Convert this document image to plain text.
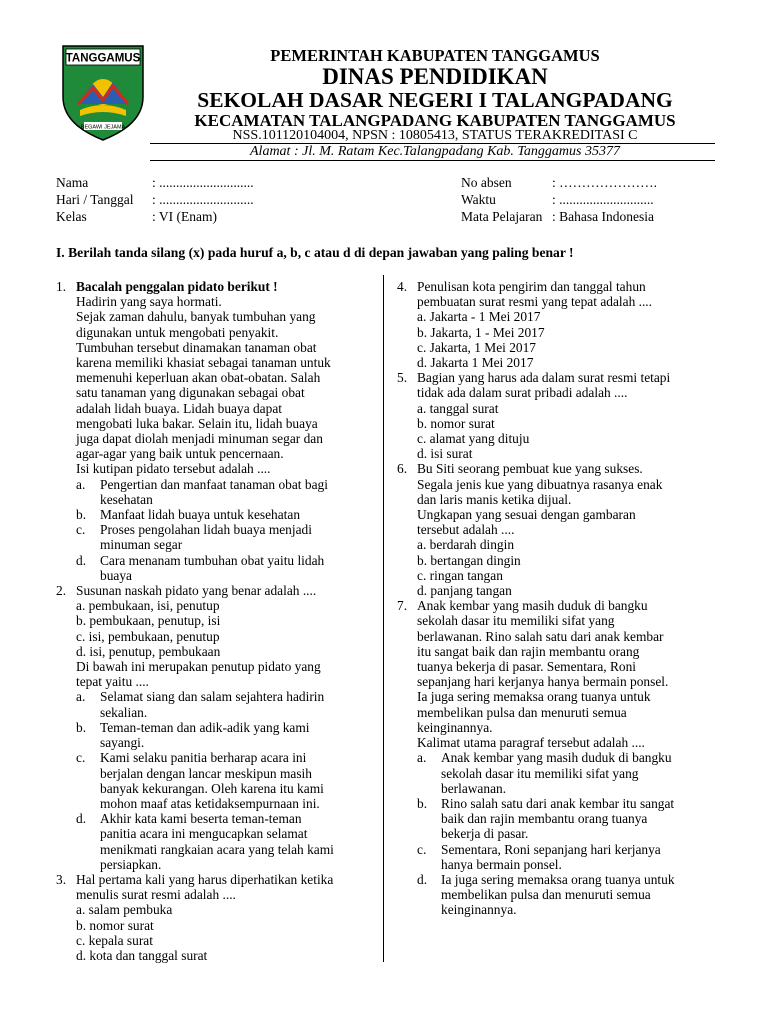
TANGGAMUS
BEGAWI JEJAMA
PEMERINTAH KABUPATEN TANGGAMUS
DINAS PENDIDIKAN
SEKOLAH DASAR NEGERI I TALANGPADANG
KECAMATAN TALANGPADANG KABUPATEN TANGGAMUS
NSS.101120104004, NPSN : 10805413, STATUS TERAKREDITASI C
Alamat : Jl. M. Ratam Kec.Talangpadang Kab. Tanggamus 35377
Nama	: ............................
Hari / Tanggal : ............................
Kelas	: VI (Enam)
No absen	: ………………….
Waktu	: ............................
Mata Pelajaran : Bahasa Indonesia
I. Berilah tanda silang (x) pada huruf a, b, c atau d di depan jawaban yang paling benar !
1. Bacalah penggalan pidato berikut !
Hadirin yang saya hormati.
Sejak zaman dahulu, banyak tumbuhan yang
digunakan untuk mengobati penyakit.
Tumbuhan tersebut dinamakan tanaman obat
karena memiliki khasiat sebagai tanaman untuk
memenuhi keperluan akan obat-obatan. Salah
satu tanaman yang digunakan sebagai obat
adalah lidah buaya. Lidah buaya dapat
mengobati luka bakar. Selain itu, lidah buaya
juga dapat diolah menjadi minuman segar dan
agar-agar yang baik untuk pencernaan.
Isi kutipan pidato tersebut adalah ....
a. Pengertian dan manfaat tanaman obat bagi
kesehatan
b. Manfaat lidah buaya untuk kesehatan
c. Proses pengolahan lidah buaya menjadi
minuman segar
d. Cara menanam tumbuhan obat yaitu lidah
buaya
2. Susunan naskah pidato yang benar adalah ....
a. pembukaan, isi, penutup
b. pembukaan, penutup, isi
c. isi, pembukaan, penutup
d. isi, penutup, pembukaan
Di bawah ini merupakan penutup pidato yang
tepat yaitu ....
a. Selamat siang dan salam sejahtera hadirin
sekalian.
b. Teman-teman dan adik-adik yang kami
sayangi.
c. Kami selaku panitia berharap acara ini
berjalan dengan lancar meskipun masih
banyak kekurangan. Oleh karena itu kami
mohon maaf atas ketidaksempurnaan ini.
d. Akhir kata kami beserta teman-teman
panitia acara ini mengucapkan selamat
menikmati rangkaian acara yang telah kami
persiapkan.
3. Hal pertama kali yang harus diperhatikan ketika
menulis surat resmi adalah ....
a. salam pembuka
b. nomor surat
c. kepala surat
d. kota dan tanggal surat
4. Penulisan kota pengirim dan tanggal tahun
pembuatan surat resmi yang tepat adalah ....
a. Jakarta - 1 Mei 2017
b. Jakarta, 1 - Mei 2017
c. Jakarta, 1 Mei 2017
d. Jakarta 1 Mei 2017
5. Bagian yang harus ada dalam surat resmi tetapi
tidak ada dalam surat pribadi adalah ....
a. tanggal surat
b. nomor surat
c. alamat yang dituju
d. isi surat
6. Bu Siti seorang pembuat kue yang sukses.
Segala jenis kue yang dibuatnya rasanya enak
dan laris manis ketika dijual.
Ungkapan yang sesuai dengan gambaran
tersebut adalah ....
a. berdarah dingin
b. bertangan dingin
c. ringan tangan
d. panjang tangan
7. Anak kembar yang masih duduk di bangku
sekolah dasar itu memiliki sifat yang
berlawanan. Rino salah satu dari anak kembar
itu sangat baik dan rajin membantu orang
tuanya bekerja di pasar. Sementara, Roni
sepanjang hari kerjanya hanya bermain ponsel.
Ia juga sering memaksa orang tuanya untuk
membelikan pulsa dan menuruti semua
keinginannya.
Kalimat utama paragraf tersebut adalah ....
a. Anak kembar yang masih duduk di bangku
sekolah dasar itu memiliki sifat yang
berlawanan.
b. Rino salah satu dari anak kembar itu sangat
baik dan rajin membantu orang tuanya
bekerja di pasar.
c. Sementara, Roni sepanjang hari kerjanya
hanya bermain ponsel.
d. Ia juga sering memaksa orang tuanya untuk
membelikan pulsa dan menuruti semua
keinginannya.
